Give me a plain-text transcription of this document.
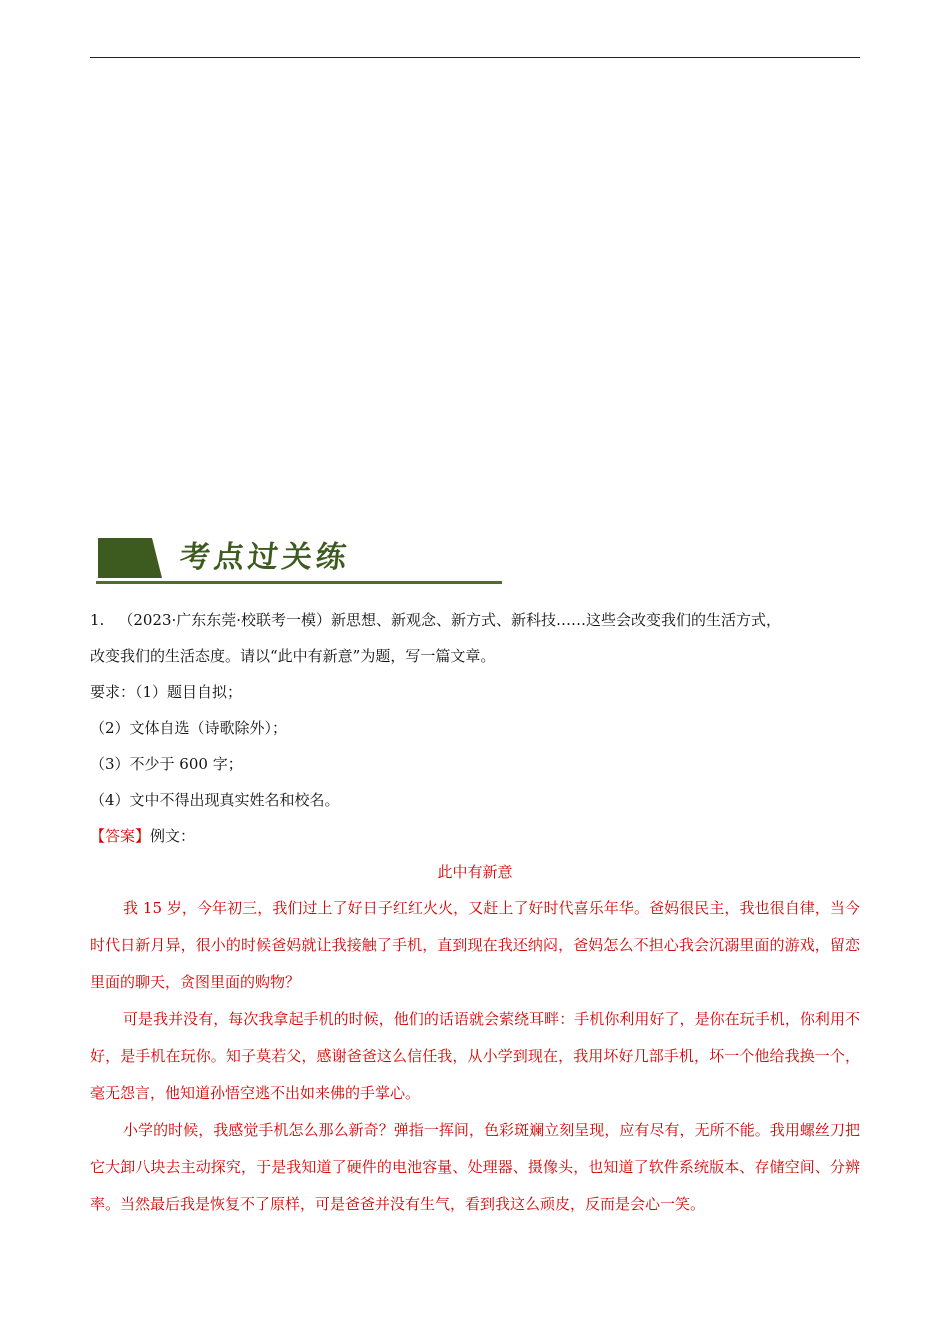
考点过关练

1. （2023·广东东莞·校联考一模）新思想、新观念、新方式、新科技……这些会改变我们的生活方式，

改变我们的生活态度。请以“此中有新意”为题，写一篇文章。

要求：（1）题目自拟；

（2）文体自选（诗歌除外）；

（3）不少于 600 字；

（4）文中不得出现真实姓名和校名。

【答案】例文：

此中有新意

我 15 岁，今年初三，我们过上了好日子红红火火，又赶上了好时代喜乐年华。爸妈很民主，我也很自律，当今时代日新月异，很小的时候爸妈就让我接触了手机，直到现在我还纳闷，爸妈怎么不担心我会沉溺里面的游戏，留恋里面的聊天，贪图里面的购物？

可是我并没有，每次我拿起手机的时候，他们的话语就会萦绕耳畔：手机你利用好了，是你在玩手机，你利用不好，是手机在玩你。知子莫若父，感谢爸爸这么信任我，从小学到现在，我用坏好几部手机，坏一个他给我换一个，毫无怨言，他知道孙悟空逃不出如来佛的手掌心。

小学的时候，我感觉手机怎么那么新奇？弹指一挥间，色彩斑斓立刻呈现，应有尽有，无所不能。我用螺丝刀把它大卸八块去主动探究，于是我知道了硬件的电池容量、处理器、摄像头，也知道了软件系统版本、存储空间、分辨率。当然最后我是恢复不了原样，可是爸爸并没有生气，看到我这么顽皮，反而是会心一笑。
